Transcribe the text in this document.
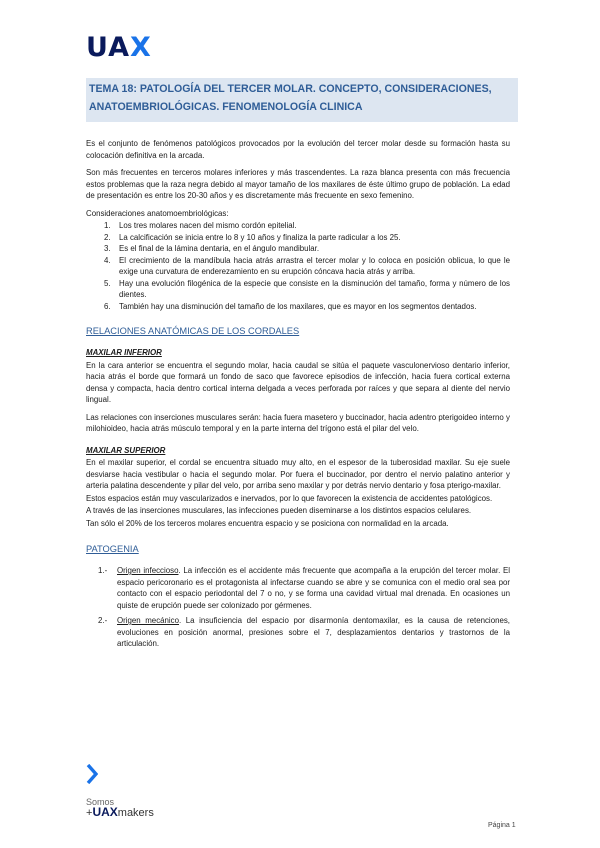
UAX
TEMA 18: PATOLOGÍA DEL TERCER MOLAR. CONCEPTO, CONSIDERACIONES, ANATOEMBRIOLÓGICAS. FENOMENOLOGÍA CLINICA

Es el conjunto de fenómenos patológicos provocados por la evolución del tercer molar desde su formación hasta su colocación definitiva en la arcada.

Son más frecuentes en terceros molares inferiores y más trascendentes. La raza blanca presenta con más frecuencia estos problemas que la raza negra debido al mayor tamaño de los maxilares de éste último grupo de población. La edad de presentación es entre los 20-30 años y es discretamente más frecuente en sexo femenino.

Consideraciones anatomoembriológicas:

1. Los tres molares nacen del mismo cordón epitelial.
2. La calcificación se inicia entre lo 8 y 10 años y finaliza la parte radicular a los 25.
3. Es el final de la lámina dentaria, en el ángulo mandibular.
4. El crecimiento de la mandíbula hacia atrás arrastra el tercer molar y lo coloca en posición oblicua, lo que le exige una curvatura de enderezamiento en su erupción cóncava hacia atrás y arriba.
5. Hay una evolución filogénica de la especie que consiste en la disminución del tamaño, forma y número de los dientes.
6. También hay una disminución del tamaño de los maxilares, que es mayor en los segmentos dentados.
RELACIONES ANATÓMICAS DE LOS CORDALES
MAXILAR INFERIOR

En la cara anterior se encuentra el segundo molar, hacia caudal se sitúa el paquete vasculonervioso dentario inferior, hacia atrás el borde que formará un fondo de saco que favorece episodios de infección, hacia fuera cortical externa densa y compacta, hacia dentro cortical interna delgada a veces perforada por raíces y que separa al diente del nervio lingual.

Las relaciones con inserciones musculares serán: hacia fuera masetero y buccinador, hacia adentro pterigoideo interno y milohioideo, hacia atrás músculo temporal y en la parte interna del trígono está el pilar del velo.

MAXILAR SUPERIOR

En el maxilar superior, el cordal se encuentra situado muy alto, en el espesor de la tuberosidad maxilar. Su eje suele desviarse hacia vestibular o hacia el segundo molar. Por fuera el buccinador, por dentro el nervio palatino anterior y arteria palatina descendente y pilar del velo, por arriba seno maxilar y por detrás nervio dentario y fosa pterigo-maxilar.

Estos espacios están muy vascularizados e inervados, por lo que favorecen la existencia de accidentes patológicos.

A través de las inserciones musculares, las infecciones pueden diseminarse a los distintos espacios celulares.

Tan sólo el 20% de los terceros molares encuentra espacio y se posiciona con normalidad en la arcada.

PATOGENIA
1.- Origen infeccioso. La infección es el accidente más frecuente que acompaña a la erupción del tercer molar. El espacio pericoronario es el protagonista al infectarse cuando se abre y se comunica con el medio oral sea por contacto con el espacio periodontal del 7 o no, y se forma una cavidad virtual mal drenada. En ocasiones un quiste de erupción puede ser colonizado por gérmenes.
2.- Origen mecánico. La insuficiencia del espacio por disarmonía dentomaxilar, es la causa de retenciones, evoluciones en posición anormal, presiones sobre el 7, desplazamientos dentarios y trastornos de la articulación.
Somos
+UAXmakers
Página 1
